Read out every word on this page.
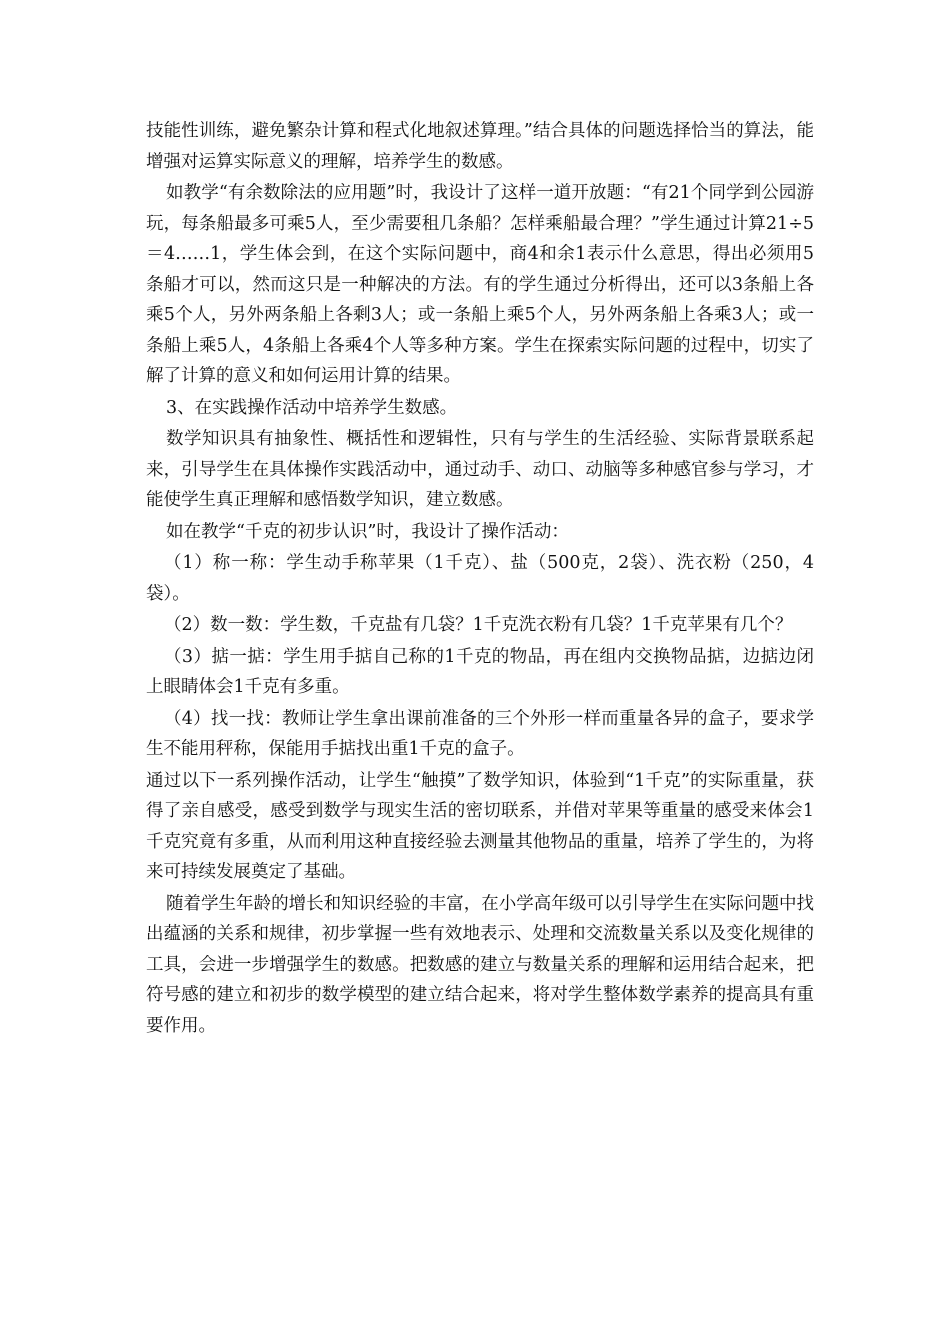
技能性训练，避免繁杂计算和程式化地叙述算理。”结合具体的问题选择恰当的算法，能增强对运算实际意义的理解，培养学生的数感。

如教学“有余数除法的应用题”时，我设计了这样一道开放题：“有21个同学到公园游玩，每条船最多可乘5人，至少需要租几条船？怎样乘船最合理？”学生通过计算21÷5＝4……1，学生体会到，在这个实际问题中，商4和余1表示什么意思，得出必须用5条船才可以，然而这只是一种解决的方法。有的学生通过分析得出，还可以3条船上各乘5个人，另外两条船上各剩3人；或一条船上乘5个人，另外两条船上各乘3人；或一条船上乘5人，4条船上各乘4个人等多种方案。学生在探索实际问题的过程中，切实了解了计算的意义和如何运用计算的结果。

3、在实践操作活动中培养学生数感。

数学知识具有抽象性、概括性和逻辑性，只有与学生的生活经验、实际背景联系起来，引导学生在具体操作实践活动中，通过动手、动口、动脑等多种感官参与学习，才能使学生真正理解和感悟数学知识，建立数感。

如在教学“千克的初步认识”时，我设计了操作活动：

（1）称一称：学生动手称苹果（1千克）、盐（500克，2袋）、洗衣粉（250，4袋）。

（2）数一数：学生数，千克盐有几袋？1千克洗衣粉有几袋？1千克苹果有几个？

（3）掂一掂：学生用手掂自己称的1千克的物品，再在组内交换物品掂，边掂边闭上眼睛体会1千克有多重。

（4）找一找：教师让学生拿出课前准备的三个外形一样而重量各异的盒子，要求学生不能用秤称，保能用手掂找出重1千克的盒子。

通过以下一系列操作活动，让学生“触摸”了数学知识，体验到“1千克”的实际重量，获得了亲自感受，感受到数学与现实生活的密切联系，并借对苹果等重量的感受来体会1千克究竟有多重，从而利用这种直接经验去测量其他物品的重量，培养了学生的，为将来可持续发展奠定了基础。

随着学生年龄的增长和知识经验的丰富，在小学高年级可以引导学生在实际问题中找出蕴涵的关系和规律，初步掌握一些有效地表示、处理和交流数量关系以及变化规律的工具，会进一步增强学生的数感。把数感的建立与数量关系的理解和运用结合起来，把符号感的建立和初步的数学模型的建立结合起来，将对学生整体数学素养的提高具有重要作用。
